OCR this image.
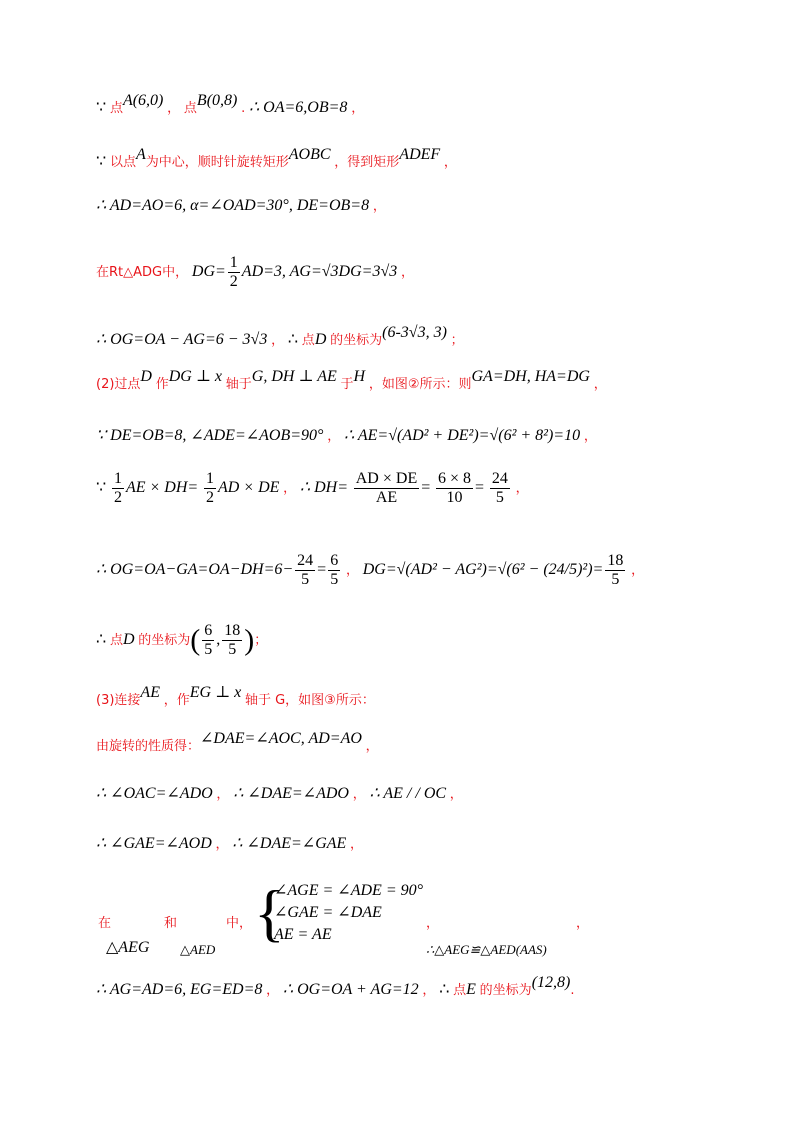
∵ 点A(6,0) ， 点B(0,8) . ∴ OA=6,OB=8 ，
∵ 以点A为中心，顺时针旋转矩形AOBC ，得到矩形ADEF ，
∴ AD=AO=6, α=∠OAD=30°, DE=OB=8 ，
在Rt△ADG中， $DG= \frac{1}{2} AD=3$, AG=√3DG=3√3 ，
∴ OG=OA − AG=6 − 3√3 ， ∴ 点D 的坐标为(6-3√3, 3) ；
(2)过点D 作DG ⊥ x 轴于G, DH ⊥ AE 于H ，如图②所示：则GA=DH, HA=DG ，
∵ DE=OB=8, ∠ADE=∠AOB=90° ， ∴ AE=√(AD² + DE²)=√(6² + 8²)=10 ，
∵ $\frac{1}{2}$ AE × $DH= \frac{1}{2}$ AD × DE ， ∴ $DH= \frac{AD \times DE}{AE} = \frac{6 \times 8}{10} = \frac{24}{5}$ ，
∴ $OG=OA-GA=OA-DH=6- \frac{24}{5} = \frac{6}{5}$ ， $DG=√(AD^2 - AG^2)=√(6^2 - (24/5)^2)= \frac{18}{5}$ ，
∴ 点D 的坐标为( $\frac{6}{5}$ , $\frac{18}{5}$ )；
(3)连接AE ，作EG ⊥ x 轴于 G，如图③所示：
由旋转的性质得：∠DAE=∠AOC, AD=AO ，
∴ ∠OAC=∠ADO ， ∴ ∠DAE=∠ADO ， ∴ AE / / OC ，
∴ ∠GAE=∠AOD ， ∴ ∠DAE=∠GAE ，
在	和	中，
△AEG △AED
{
∠AGE = ∠ADE = 90°
∠GAE = ∠DAE
AE = AE
，
∴△AEG≌△AED(AAS)
，
∴ AG=AD=6, EG=ED=8 ， ∴ OG=OA + AG=12 ， ∴ 点E 的坐标为(12,8).
